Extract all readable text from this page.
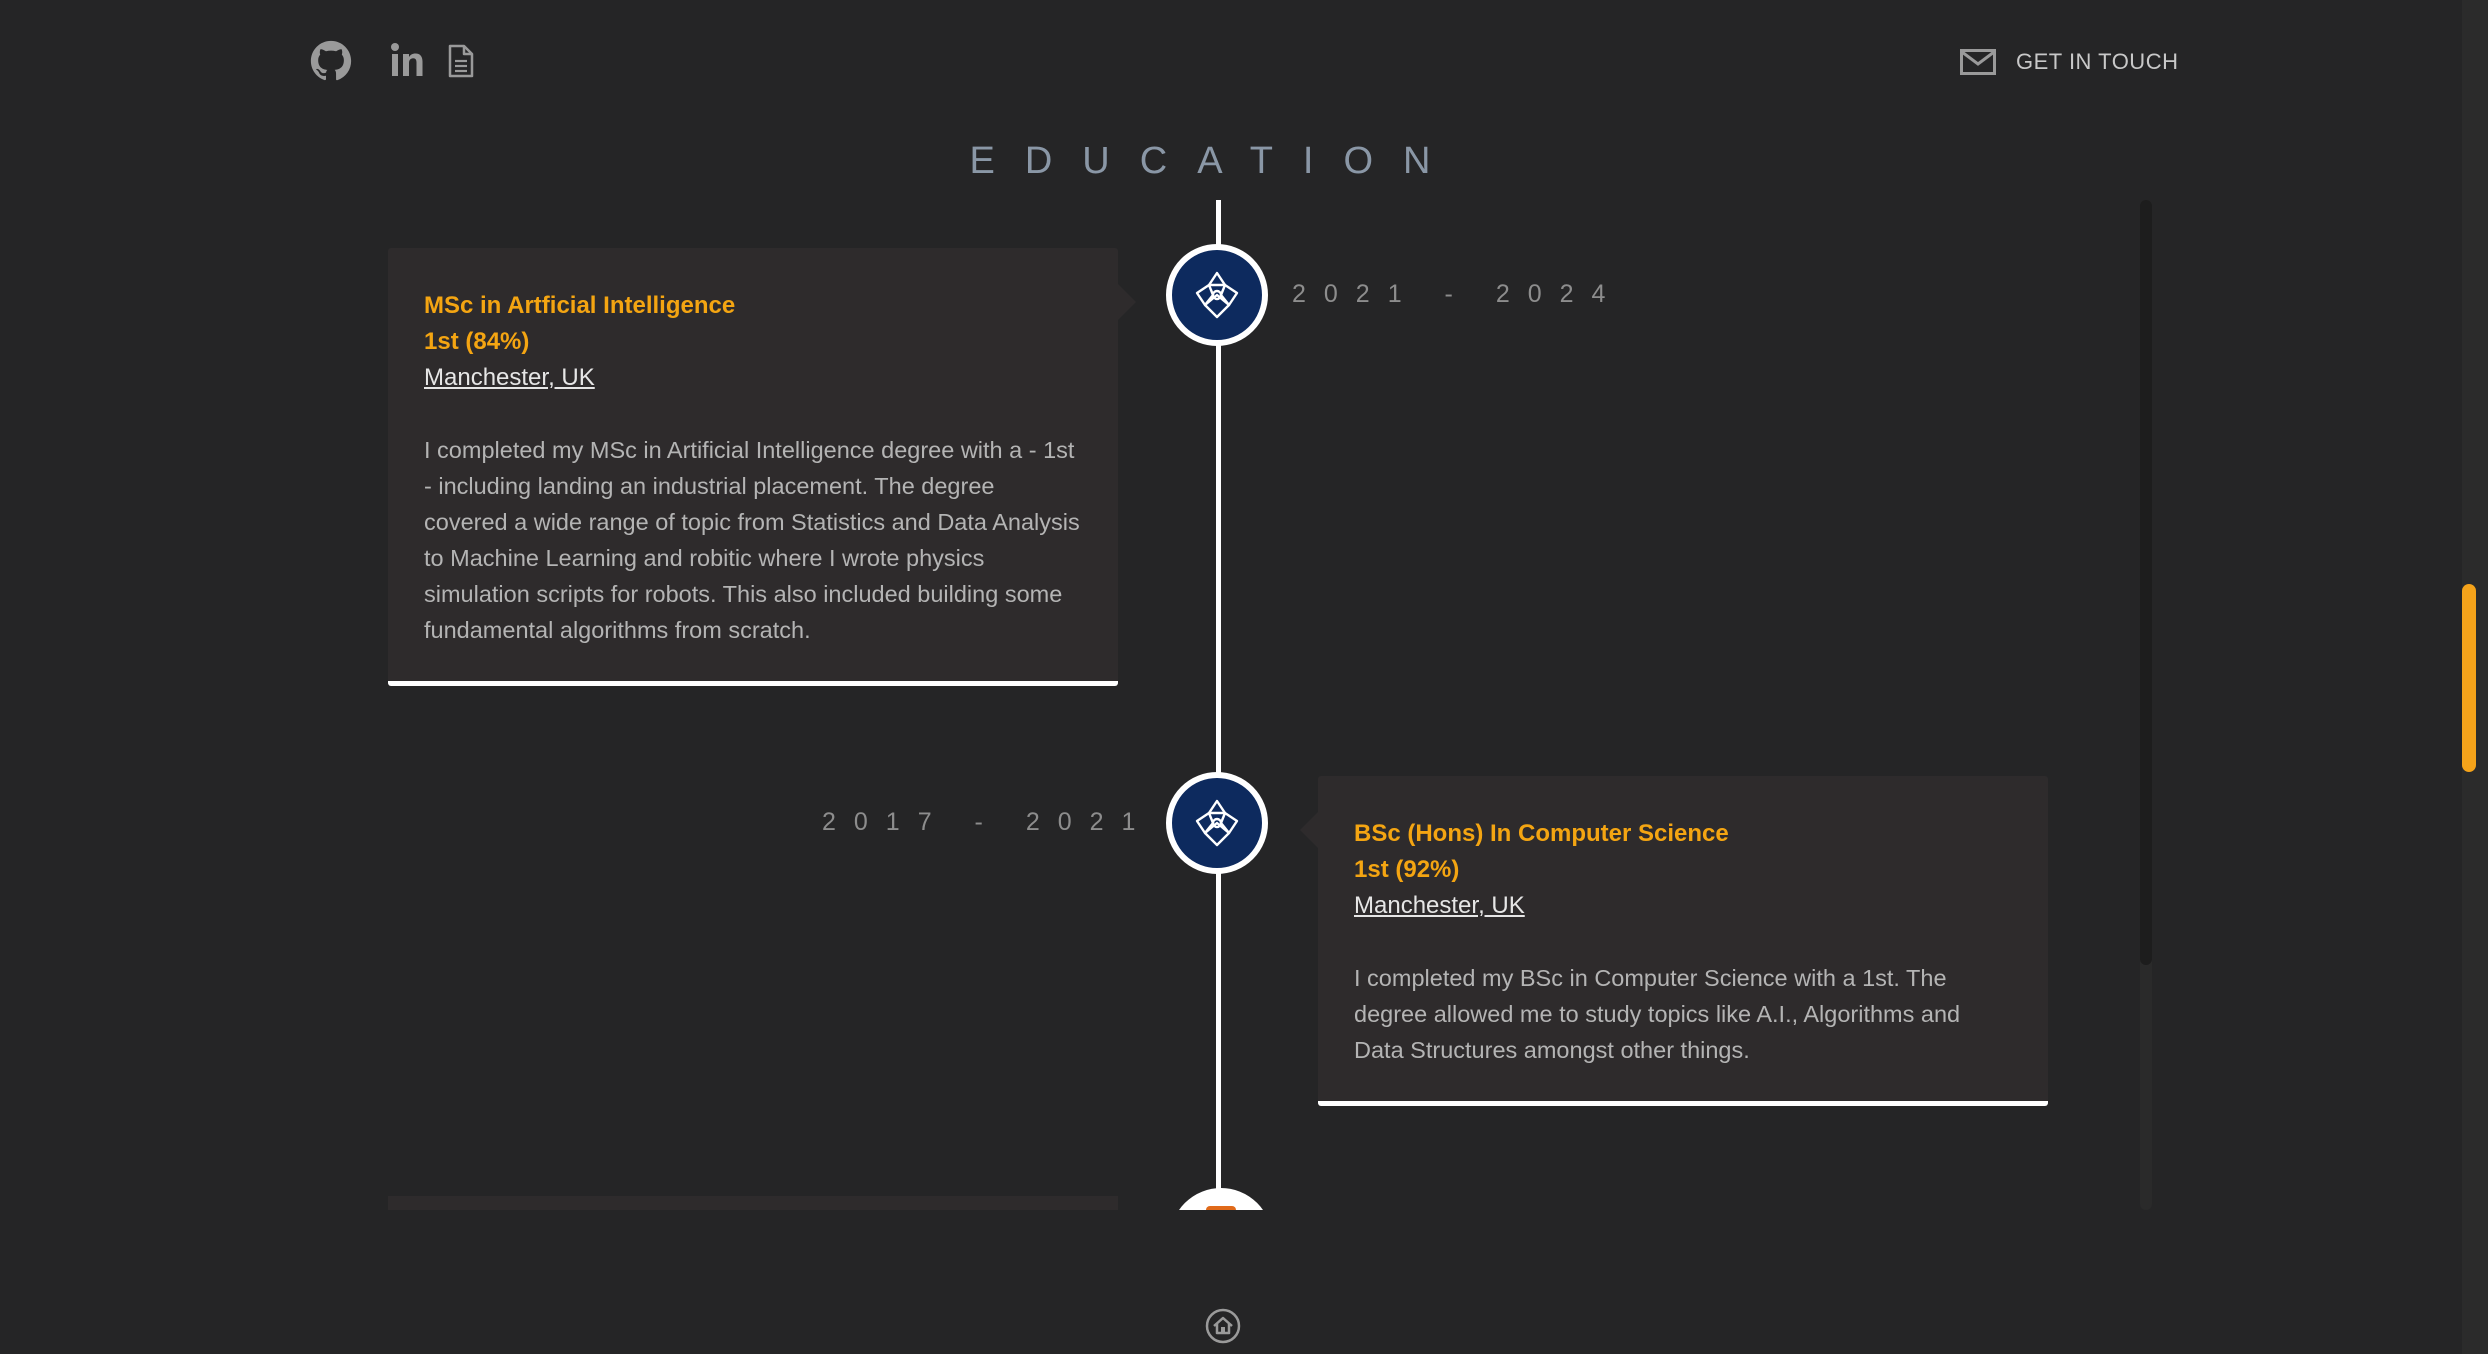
GET IN TOUCH
EDUCATION

MSc in Artficial Intelligence

1st (84%)

Manchester, UK

I completed my MSc in Artificial Intelligence degree with a - 1st - including landing an industrial placement. The degree covered a wide range of topic from Statistics and Data Analysis to Machine Learning and robitic where I wrote physics simulation scripts for robots. This also included building some fundamental algorithms from scratch.

2021 - 2024
2017 - 2021	BSc (Hons) In Computer Science

1st (92%)

Manchester, UK

I completed my BSc in Computer Science with a 1st. The degree allowed me to study topics like A.I., Algorithms and Data Structures amongst other things.
